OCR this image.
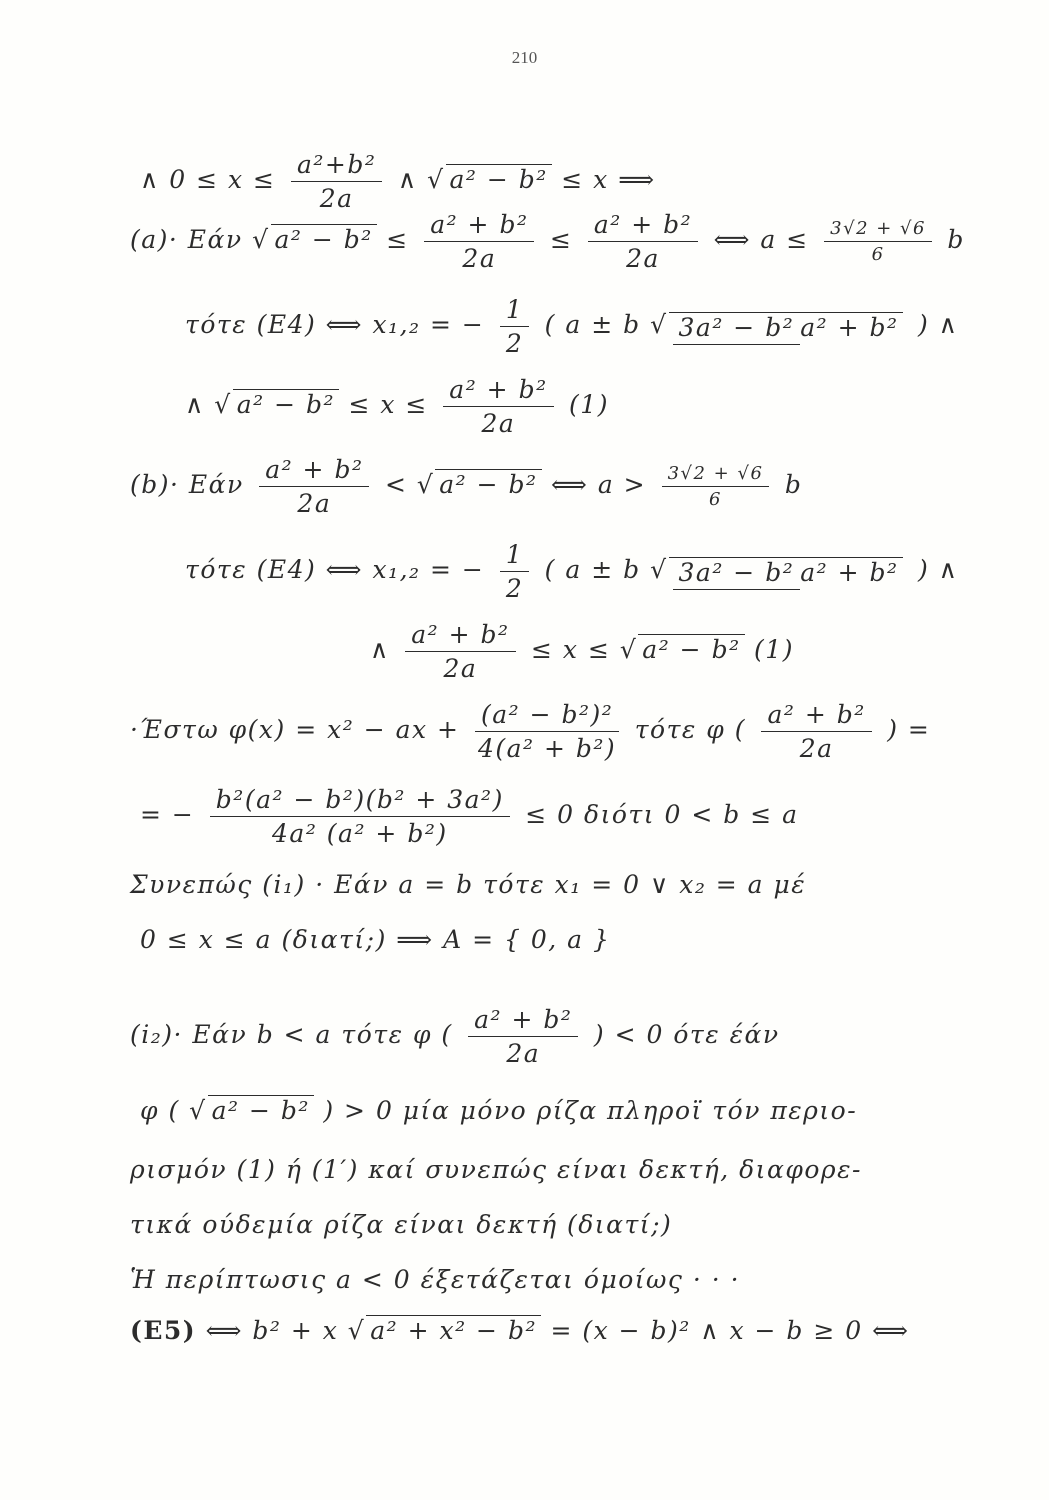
210
∧ $0 \le x \le \frac{\text{a²+b²}}{2a}$ ∧ √ a² − b² ≤ x ⟹
(a)· Εάν √ $a^2 - b^2 \le \frac{\text{a² + b²}}{2a} \le \frac{\text{a² + b²}}{2a}$ ⟺ $a \le \frac{3√2 + √6}{6}$ b
τότε (Ε4) ⟺ x₁,₂ = − $\frac{1}{2}$ ( a ± b √ 3a² − b² a² + b² ) ∧
∧ √ $a^2 - b^2 \le x \le \frac{\text{a² + b²}}{2a} (1)$
(b)· Εάν $\frac{\text{a² + b²}}{2a}$ < √ a² − b² ⟺ $a > \frac{3√2 + √6}{6}$ b
τότε (Ε4) ⟺ x₁,₂ = − $\frac{1}{2}$ ( a ± b √ 3a² − b² a² + b² ) ∧
∧ $\frac{\text{a² + b²}}{2a} \le x$ ≤ √ a² − b² (1)
·Έστω φ(x) = x² − ax + $\frac{\text{(a² − b²)²}}{\text{4(a² + b²)}}$ τότε φ ( $\frac{\text{a² + b²}}{2a}$ ) =
= − $\frac{\text{b²(a² − b²)(b² + 3a²)}}{\text{4a² (a² + b²)}} \le 0$ διότι 0 < b ≤ a
Συνεπώς (i₁) · Εάν a = b τότε x₁ = 0 ∨ x₂ = a μέ
0 ≤ x ≤ a (διατί;) ⟹ A = { 0, a }
(i₂)· Εάν b < a τότε φ ( $\frac{\text{a² + b²}}{2a}$ ) < 0 ότε έάν
φ ( √ a² − b² ) > 0 μία μόνο ρίζα πληροϊ τόν περιο-
ρισμόν (1) ή (1′) καί συνεπώς είναι δεκτή, διαφορε-
τικά ούδεμία ρίζα είναι δεκτή (διατί;)
Ἡ περίπτωσις a < 0 έξετάζεται όμοίως · · ·
(Ε5) ⟺ b² + x √ a² + x² − b² = (x − b)² ∧ x − b ≥ 0 ⟺
